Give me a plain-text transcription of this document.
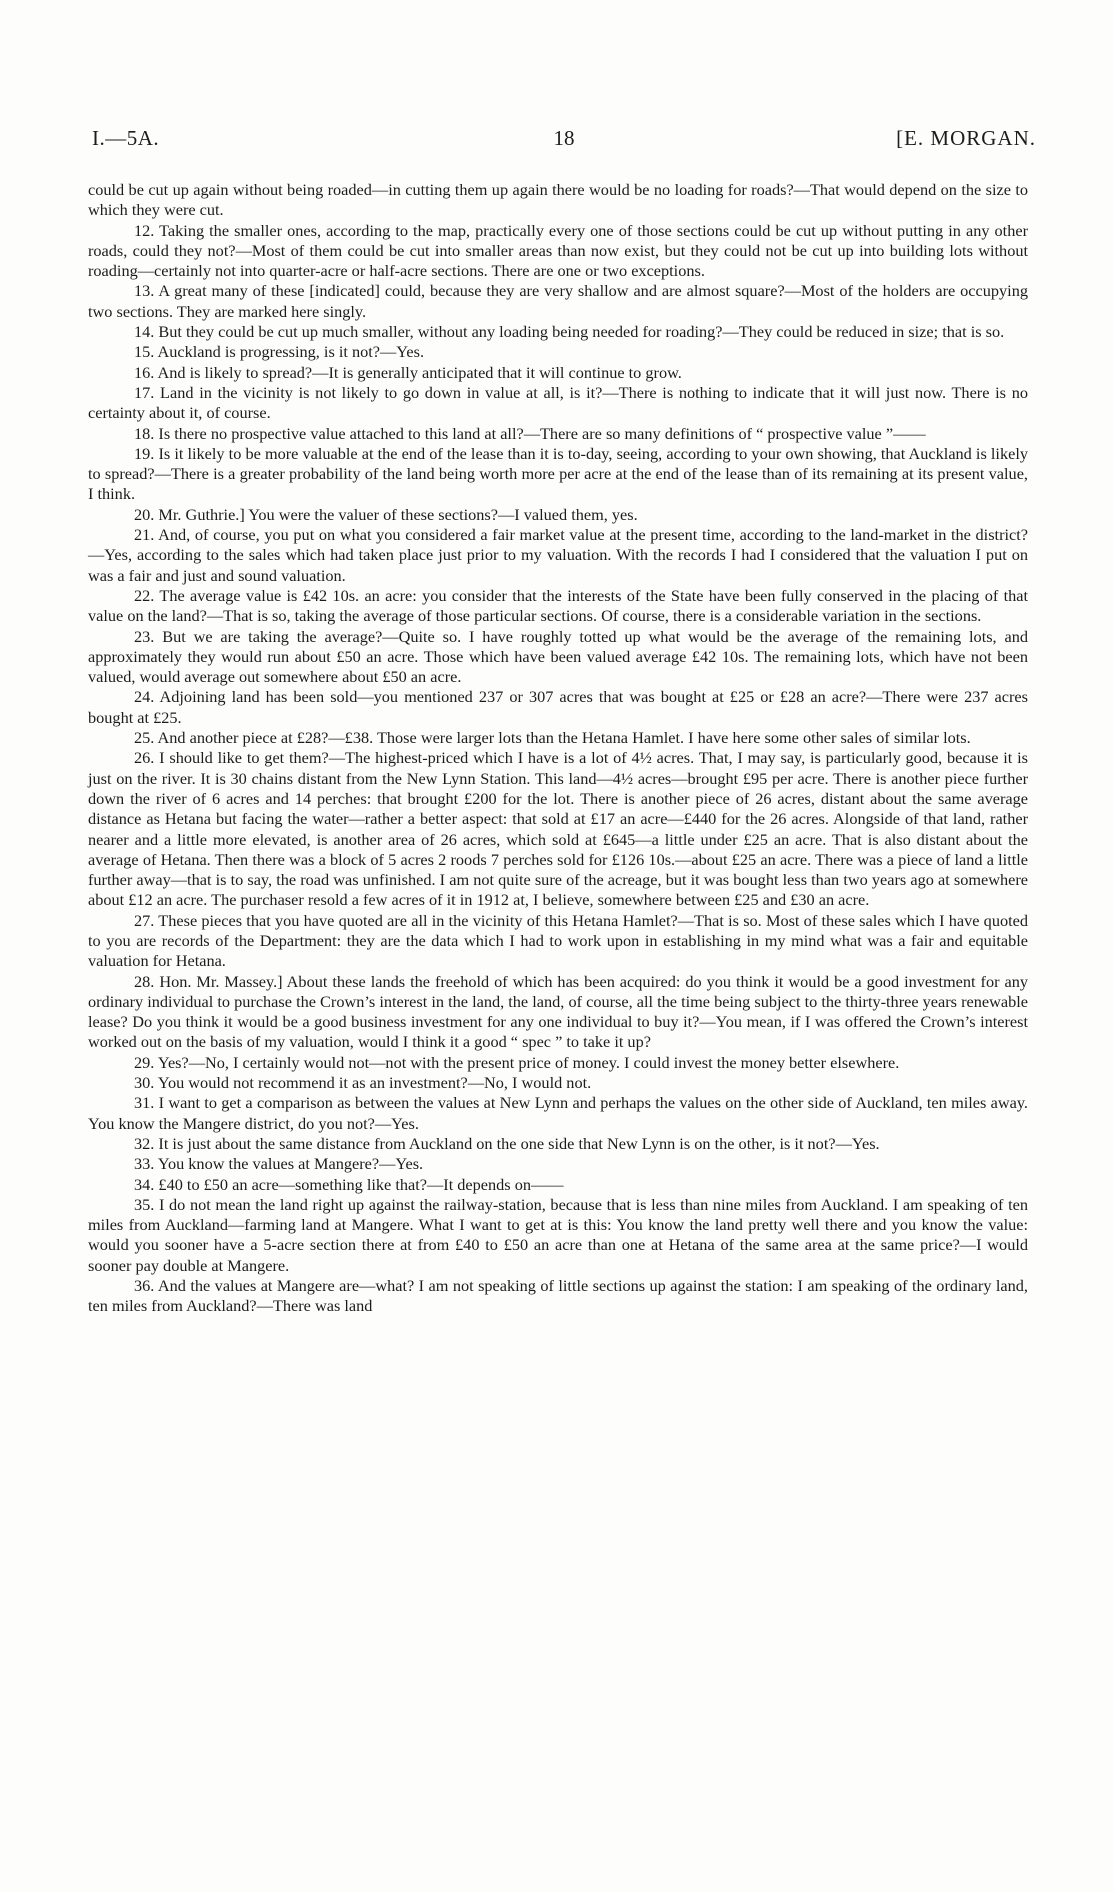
I.—5A.	18	[E. MORGAN.

could be cut up again without being roaded—in cutting them up again there would be no loading for roads?—That would depend on the size to which they were cut.

12. Taking the smaller ones, according to the map, practically every one of those sections could be cut up without putting in any other roads, could they not?—Most of them could be cut into smaller areas than now exist, but they could not be cut up into building lots without roading—certainly not into quarter-acre or half-acre sections. There are one or two exceptions.

13. A great many of these [indicated] could, because they are very shallow and are almost square?—Most of the holders are occupying two sections. They are marked here singly.

14. But they could be cut up much smaller, without any loading being needed for roading?—They could be reduced in size; that is so.

15. Auckland is progressing, is it not?—Yes.

16. And is likely to spread?—It is generally anticipated that it will continue to grow.

17. Land in the vicinity is not likely to go down in value at all, is it?—There is nothing to indicate that it will just now. There is no certainty about it, of course.

18. Is there no prospective value attached to this land at all?—There are so many definitions of “ prospective value ”——

19. Is it likely to be more valuable at the end of the lease than it is to-day, seeing, according to your own showing, that Auckland is likely to spread?—There is a greater probability of the land being worth more per acre at the end of the lease than of its remaining at its present value, I think.

20. Mr. Guthrie.] You were the valuer of these sections?—I valued them, yes.

21. And, of course, you put on what you considered a fair market value at the present time, according to the land-market in the district?—Yes, according to the sales which had taken place just prior to my valuation. With the records I had I considered that the valuation I put on was a fair and just and sound valuation.

22. The average value is £42 10s. an acre: you consider that the interests of the State have been fully conserved in the placing of that value on the land?—That is so, taking the average of those particular sections. Of course, there is a considerable variation in the sections.

23. But we are taking the average?—Quite so. I have roughly totted up what would be the average of the remaining lots, and approximately they would run about £50 an acre. Those which have been valued average £42 10s. The remaining lots, which have not been valued, would average out somewhere about £50 an acre.

24. Adjoining land has been sold—you mentioned 237 or 307 acres that was bought at £25 or £28 an acre?—There were 237 acres bought at £25.

25. And another piece at £28?—£38. Those were larger lots than the Hetana Hamlet. I have here some other sales of similar lots.

26. I should like to get them?—The highest-priced which I have is a lot of 4½ acres. That, I may say, is particularly good, because it is just on the river. It is 30 chains distant from the New Lynn Station. This land—4½ acres—brought £95 per acre. There is another piece further down the river of 6 acres and 14 perches: that brought £200 for the lot. There is another piece of 26 acres, distant about the same average distance as Hetana but facing the water—rather a better aspect: that sold at £17 an acre—£440 for the 26 acres. Alongside of that land, rather nearer and a little more elevated, is another area of 26 acres, which sold at £645—a little under £25 an acre. That is also distant about the average of Hetana. Then there was a block of 5 acres 2 roods 7 perches sold for £126 10s.—about £25 an acre. There was a piece of land a little further away—that is to say, the road was unfinished. I am not quite sure of the acreage, but it was bought less than two years ago at somewhere about £12 an acre. The purchaser resold a few acres of it in 1912 at, I believe, somewhere between £25 and £30 an acre.

27. These pieces that you have quoted are all in the vicinity of this Hetana Hamlet?—That is so. Most of these sales which I have quoted to you are records of the Department: they are the data which I had to work upon in establishing in my mind what was a fair and equitable valuation for Hetana.

28. Hon. Mr. Massey.] About these lands the freehold of which has been acquired: do you think it would be a good investment for any ordinary individual to purchase the Crown’s interest in the land, the land, of course, all the time being subject to the thirty-three years renewable lease? Do you think it would be a good business investment for any one individual to buy it?—You mean, if I was offered the Crown’s interest worked out on the basis of my valuation, would I think it a good “ spec ” to take it up?

29. Yes?—No, I certainly would not—not with the present price of money. I could invest the money better elsewhere.

30. You would not recommend it as an investment?—No, I would not.

31. I want to get a comparison as between the values at New Lynn and perhaps the values on the other side of Auckland, ten miles away. You know the Mangere district, do you not?—Yes.

32. It is just about the same distance from Auckland on the one side that New Lynn is on the other, is it not?—Yes.

33. You know the values at Mangere?—Yes.

34. £40 to £50 an acre—something like that?—It depends on——

35. I do not mean the land right up against the railway-station, because that is less than nine miles from Auckland. I am speaking of ten miles from Auckland—farming land at Mangere. What I want to get at is this: You know the land pretty well there and you know the value: would you sooner have a 5-acre section there at from £40 to £50 an acre than one at Hetana of the same area at the same price?—I would sooner pay double at Mangere.

36. And the values at Mangere are—what? I am not speaking of little sections up against the station: I am speaking of the ordinary land, ten miles from Auckland?—There was land
